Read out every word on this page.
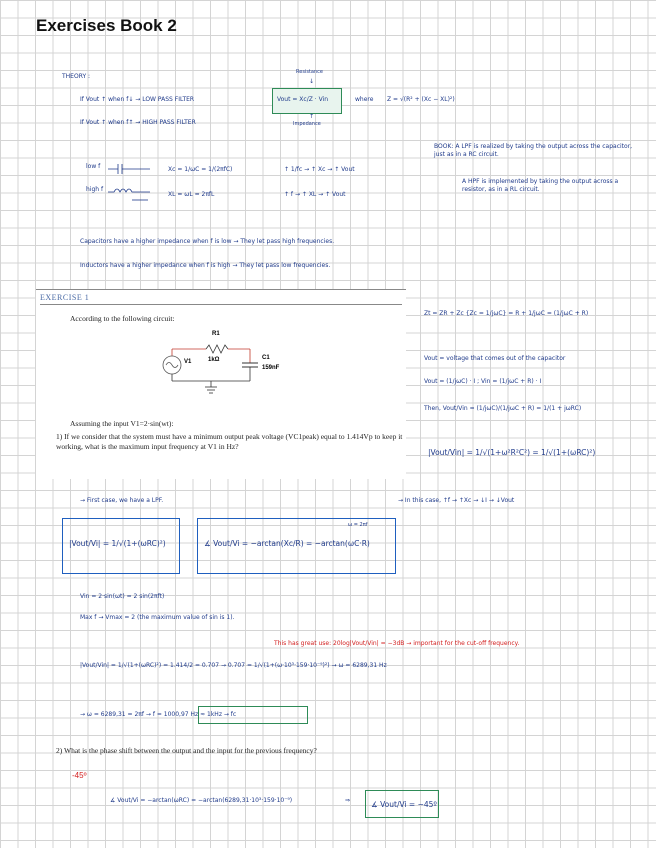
Exercises Book 2
THEORY :
If Vout ↑ when f↓ → LOW PASS FILTER
If Vout ↑ when f↑ → HIGH PASS FILTER
Resistance
↓
Vout = Xc/Z · Vin
↑
Impedance
where Z = √(R² + (Xc − XL)²)
low f
high f
Xc = 1/ωC = 1/(2πfC)
XL = ωL = 2πfL
↑ 1/fc → ↑ Xc → ↑ Vout
↑ f → ↑ XL → ↑ Vout
BOOK: A LPF is realized by taking the output across the capacitor, just as in a RC circuit.
A HPF is implemented by taking the output across a resistor, as in a RL circuit.
Capacitors have a higher impedance when f is low → They let pass high frequencies.
Inductors have a higher impedance when f is high → They let pass low frequencies.
EXERCISE 1
According to the following circuit:
R1
1kΩ	C1
159nF
V1
Assuming the input V1=2·sin(wt):
1) If we consider that the system must have a minimum output peak voltage (VC1peak) equal to 1.414Vp to keep it working, what is the maximum input frequency at V1 in Hz?
Zt = ZR + Zc {Zc = 1/jωC} = R + 1/jωC = (1/jωC + R)
Vout = voltage that comes out of the capacitor
Vout = (1/jωC) · I ; Vin = (1/jωC + R) · I
Then, Vout/Vin = (1/jωC)/(1/jωC + R) = 1/(1 + jωRC)
|Vout/Vin| = 1/√(1+ω²R²C²) = 1/√(1+(ωRC)²)
→ First case, we have a LPF.	→ In this case, ↑f → ↑Xc → ↓I → ↓Vout
|Vout/Vi| = 1/√(1+(ωRC)²)
ω = 2πf
∡ Vout/Vi = −arctan(Xc/R) = −arctan(ωC·R)
Vin = 2·sin(ωt) = 2 sin(2πft)
Max f → Vmax = 2 (the maximum value of sin is 1).
This has great use: 20log|Vout/Vin| = −3dB → important for the cut-off frequency.
|Vout/Vin| = 1/√(1+(ωRC)²) = 1.414/2 = 0.707 → 0.707 = 1/√(1+(ω·10³·159·10⁻⁹)²) → ω = 6289,31 Hz
→ ω = 6289,31 = 2πf → f = 1000,97 Hz ≈ 1kHz → fc
2) What is the phase shift between the output and the input for the previous frequency?
-45º
∡ Vout/Vi = −arctan(ωRC) = −arctan(6289,31·10³·159·10⁻⁹)	⇒	∡ Vout/Vi = −45º
